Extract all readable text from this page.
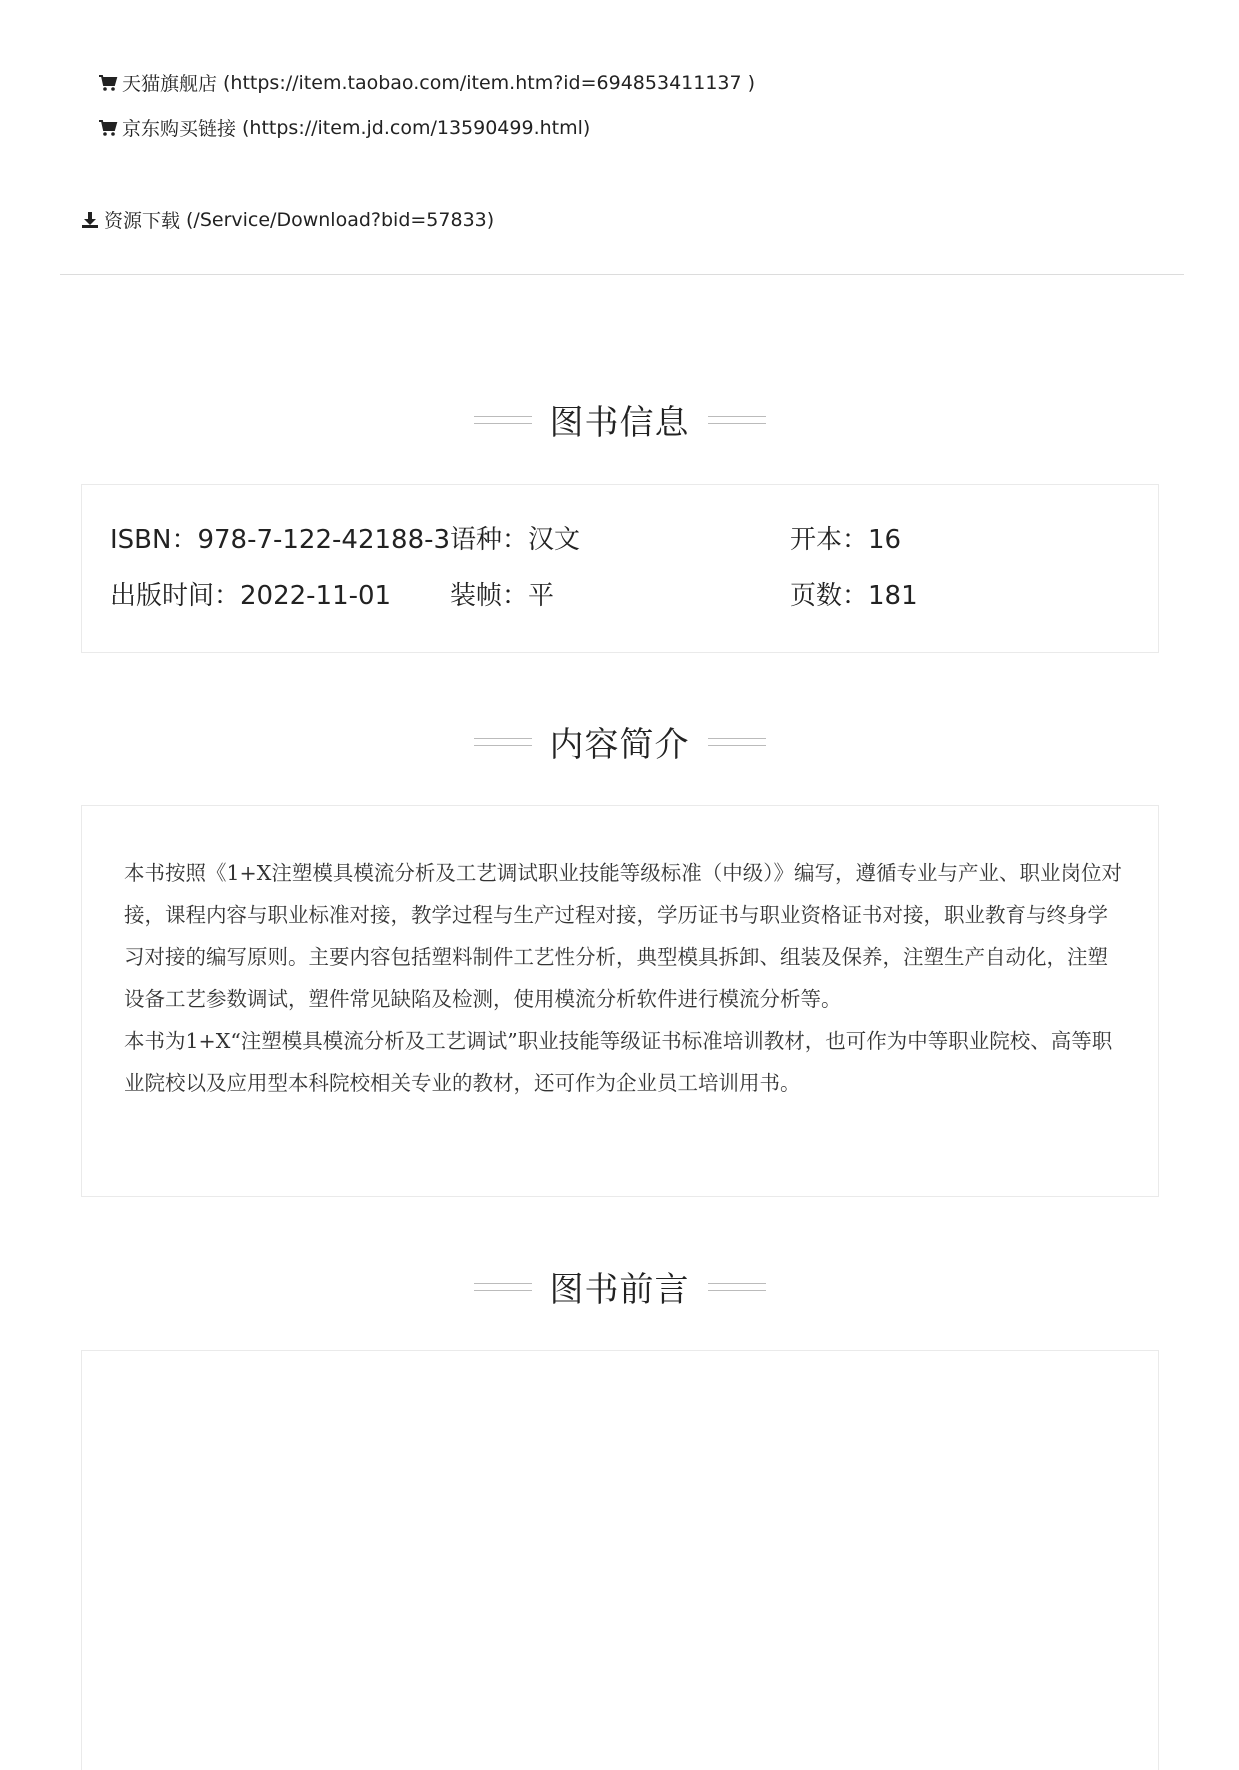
天猫旗舰店 (https://item.taobao.com/item.htm?id=694853411137 )
京东购买链接 (https://item.jd.com/13590499.html)
资源下载 (/Service/Download?bid=57833)
图书信息
ISBN：978-7-122-42188-3 语种：汉文	开本：16
出版时间：2022-11-01	装帧：平	页数：181
内容简介

本书按照《1+X注塑模具模流分析及工艺调试职业技能等级标准（中级）》编写，遵循专业与产业、职业岗位对接，课程内容与职业标准对接，教学过程与生产过程对接，学历证书与职业资格证书对接，职业教育与终身学习对接的编写原则。主要内容包括塑料制件工艺性分析，典型模具拆卸、组装及保养，注塑生产自动化，注塑设备工艺参数调试，塑件常见缺陷及检测，使用模流分析软件进行模流分析等。

本书为1+X“注塑模具模流分析及工艺调试”职业技能等级证书标准培训教材，也可作为中等职业院校、高等职业院校以及应用型本科院校相关专业的教材，还可作为企业员工培训用书。

图书前言
